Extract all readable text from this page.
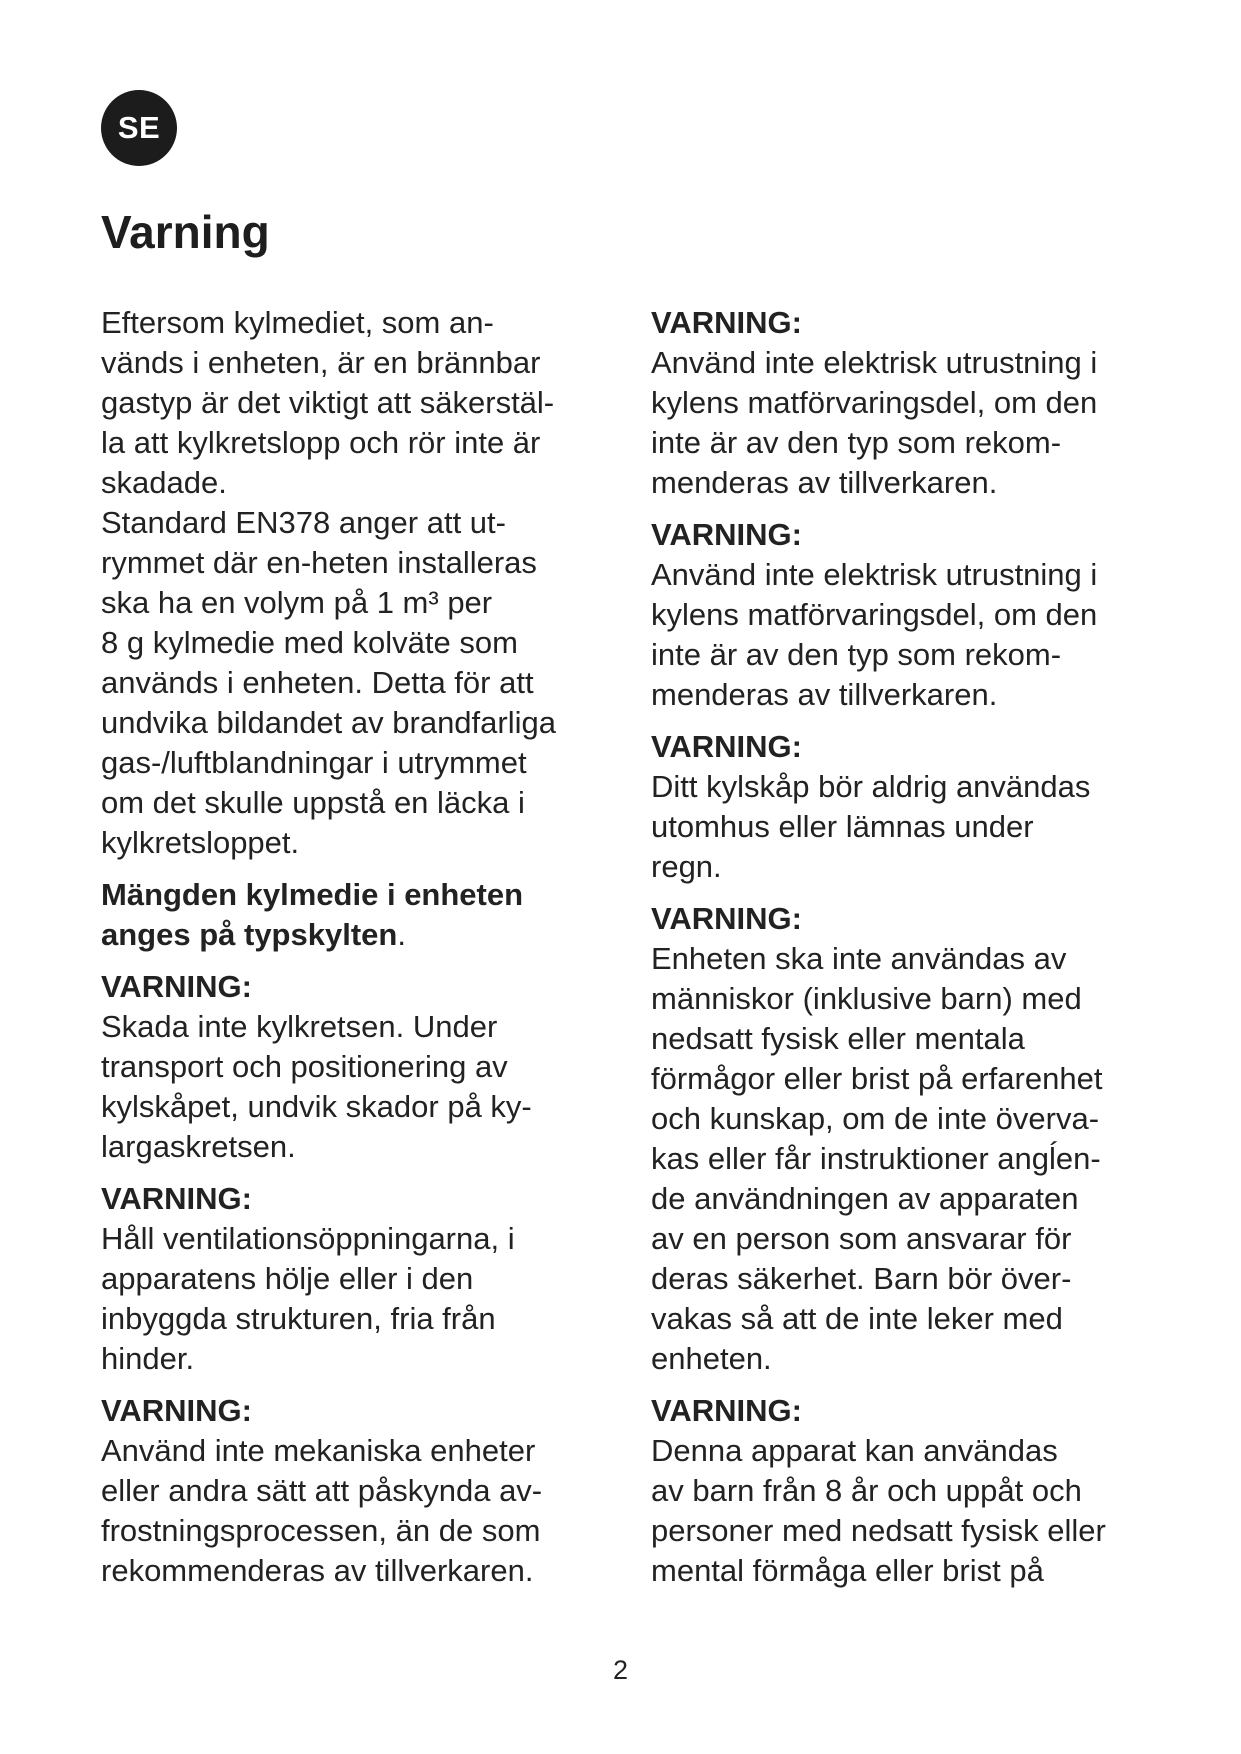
SE
Varning
Eftersom kylmediet, som an-
vänds i enheten, är en brännbar
gastyp är det viktigt att säkerstäl-
la att kylkretslopp och rör inte är
skadade.
Standard EN378 anger att ut-
rymmet där en-heten installeras
ska ha en volym på 1 m³ per
8 g kylmedie med kolväte som
används i enheten. Detta för att
undvika bildandet av brandfarliga
gas-/luftblandningar i utrymmet
om det skulle uppstå en läcka i
kylkretsloppet.
Mängden kylmedie i enheten
anges på typskylten.
VARNING:
Skada inte kylkretsen. Under
transport och positionering av
kylskåpet, undvik skador på ky-
largaskretsen.
VARNING:
Håll ventilationsöppningarna, i
apparatens hölje eller i den
inbyggda strukturen, fria från
hinder.
VARNING:
Använd inte mekaniska enheter
eller andra sätt att påskynda av-
frostningsprocessen, än de som
rekommenderas av tillverkaren.
VARNING:
Använd inte elektrisk utrustning i
kylens matförvaringsdel, om den
inte är av den typ som rekom-
menderas av tillverkaren.
VARNING:
Använd inte elektrisk utrustning i
kylens matförvaringsdel, om den
inte är av den typ som rekom-
menderas av tillverkaren.
VARNING:
Ditt kylskåp bör aldrig användas
utomhus eller lämnas under
regn.
VARNING:
Enheten ska inte användas av
människor (inklusive barn) med
nedsatt fysisk eller mentala
förmågor eller brist på erfarenhet
och kunskap, om de inte överva-
kas eller får instruktioner angĺen-
de användningen av apparaten
av en person som ansvarar för
deras säkerhet. Barn bör över-
vakas så att de inte leker med
enheten.
VARNING:
Denna apparat kan användas
av barn från 8 år och uppåt och
personer med nedsatt fysisk eller
mental förmåga eller brist på
2
